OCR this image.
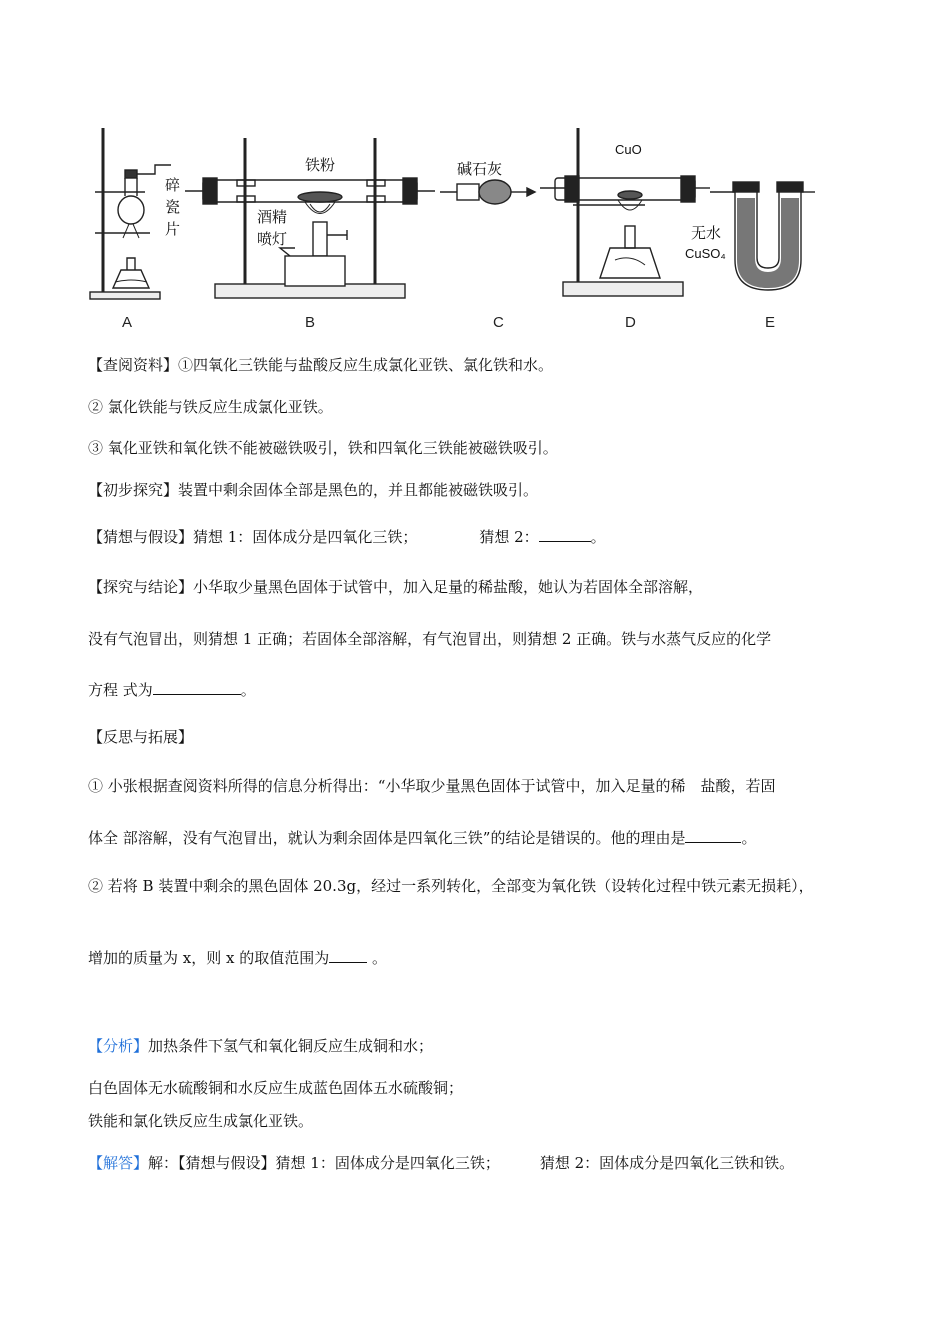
碎
瓷
片
铁粉
酒精
喷灯
碱石灰
CuO
无水
CuSO₄
A	B	C	D	E
【查阅资料】①四氧化三铁能与盐酸反应生成氯化亚铁、氯化铁和水。
② 氯化铁能与铁反应生成氯化亚铁。
③ 氧化亚铁和氧化铁不能被磁铁吸引，铁和四氧化三铁能被磁铁吸引。
【初步探究】装置中剩余固体全部是黑色的，并且都能被磁铁吸引。
【猜想与假设】猜想 1：固体成分是四氧化三铁；	猜想 2：	。
【探究与结论】小华取少量黑色固体于试管中，加入足量的稀盐酸，她认为若固体全部溶解，
没有气泡冒出，则猜想 1 正确；若固体全部溶解，有气泡冒出，则猜想 2 正确。铁与水蒸气反应的化学
方程 式为	。
【反思与拓展】
① 小张根据查阅资料所得的信息分析得出：“小华取少量黑色固体于试管中，加入足量的稀　盐酸，若固
体全 部溶解，没有气泡冒出，就认为剩余固体是四氧化三铁”的结论是错误的。他的理由是	。
② 若将 B 装置中剩余的黑色固体 20.3g，经过一系列转化，全部变为氧化铁（设转化过程中铁元素无损耗），
增加的质量为 x，则 x 的取值范围为	。
【分析】加热条件下氢气和氧化铜反应生成铜和水；
白色固体无水硫酸铜和水反应生成蓝色固体五水硫酸铜；
铁能和氯化铁反应生成氯化亚铁。
【解答】解：【猜想与假设】猜想 1：固体成分是四氧化三铁；	猜想 2：固体成分是四氧化三铁和铁。
